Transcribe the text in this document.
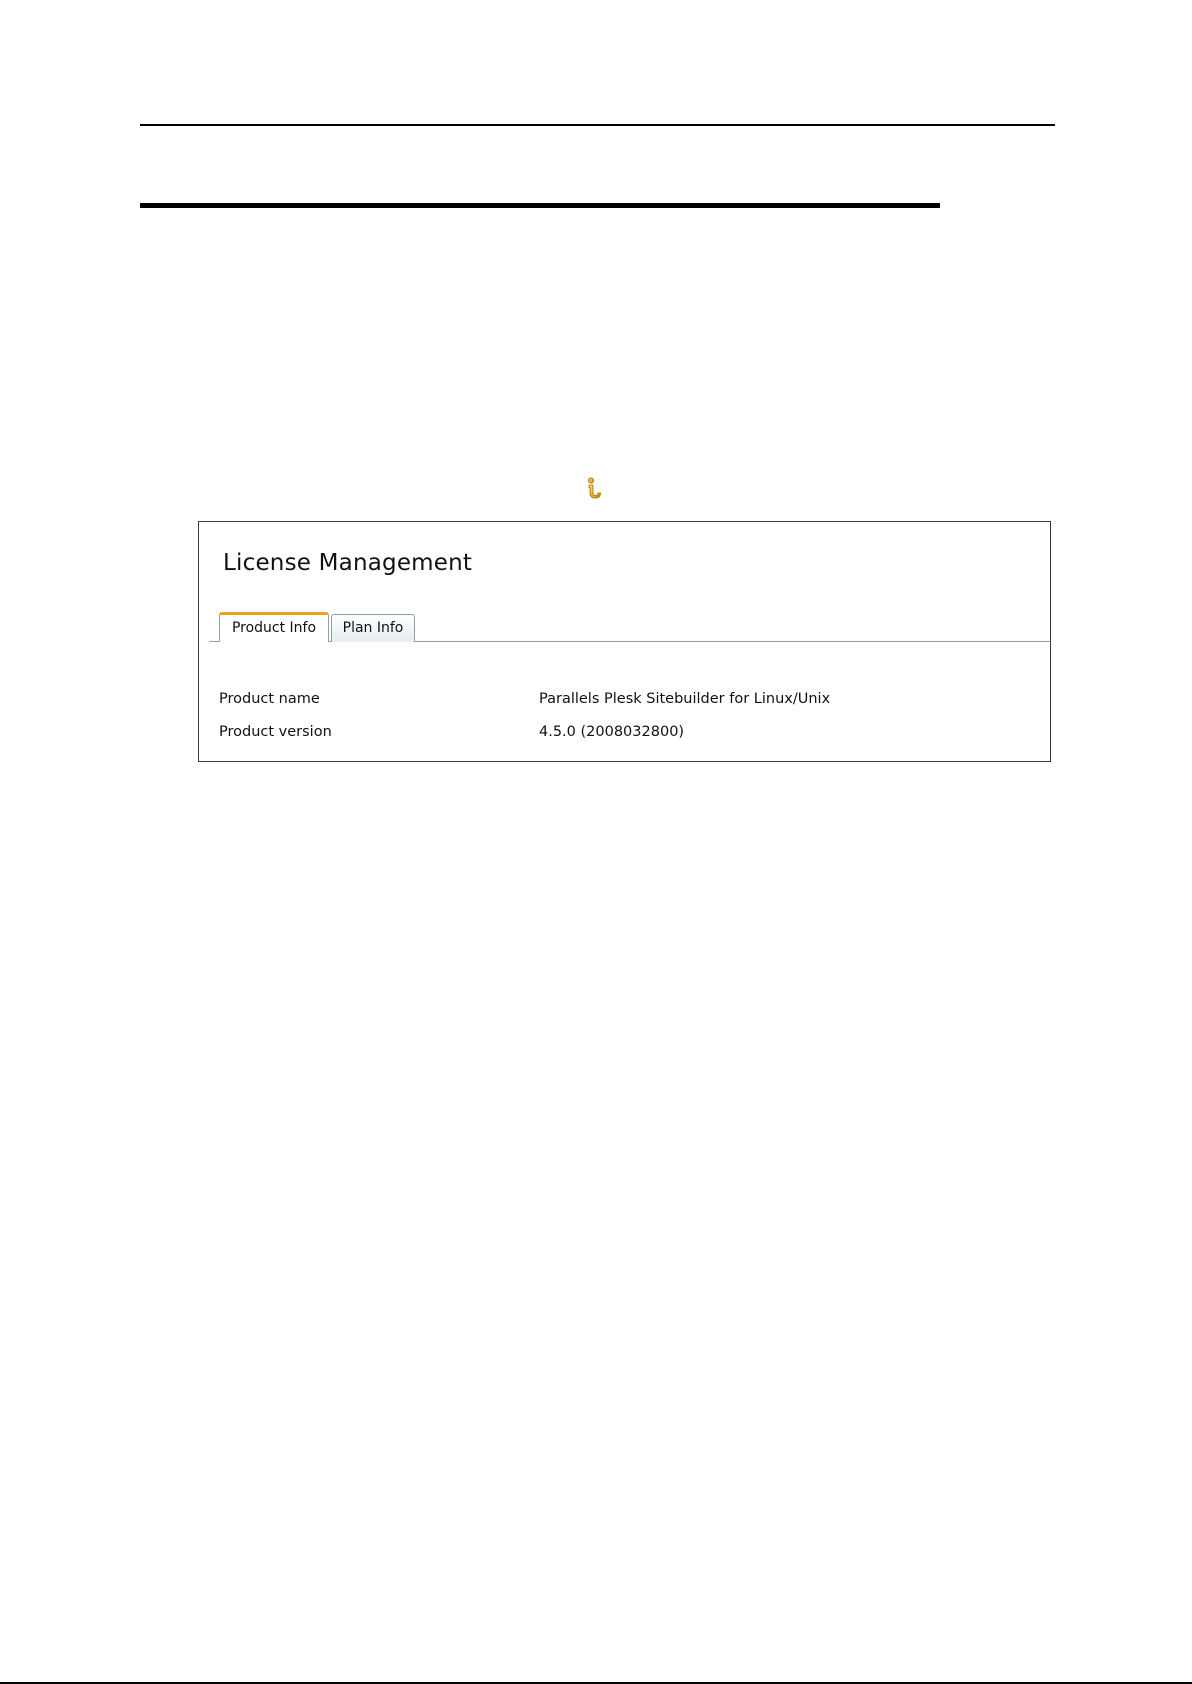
License Management
Product Info	Plan Info
Product name	Parallels Plesk Sitebuilder for Linux/Unix
Product version	4.5.0 (2008032800)
